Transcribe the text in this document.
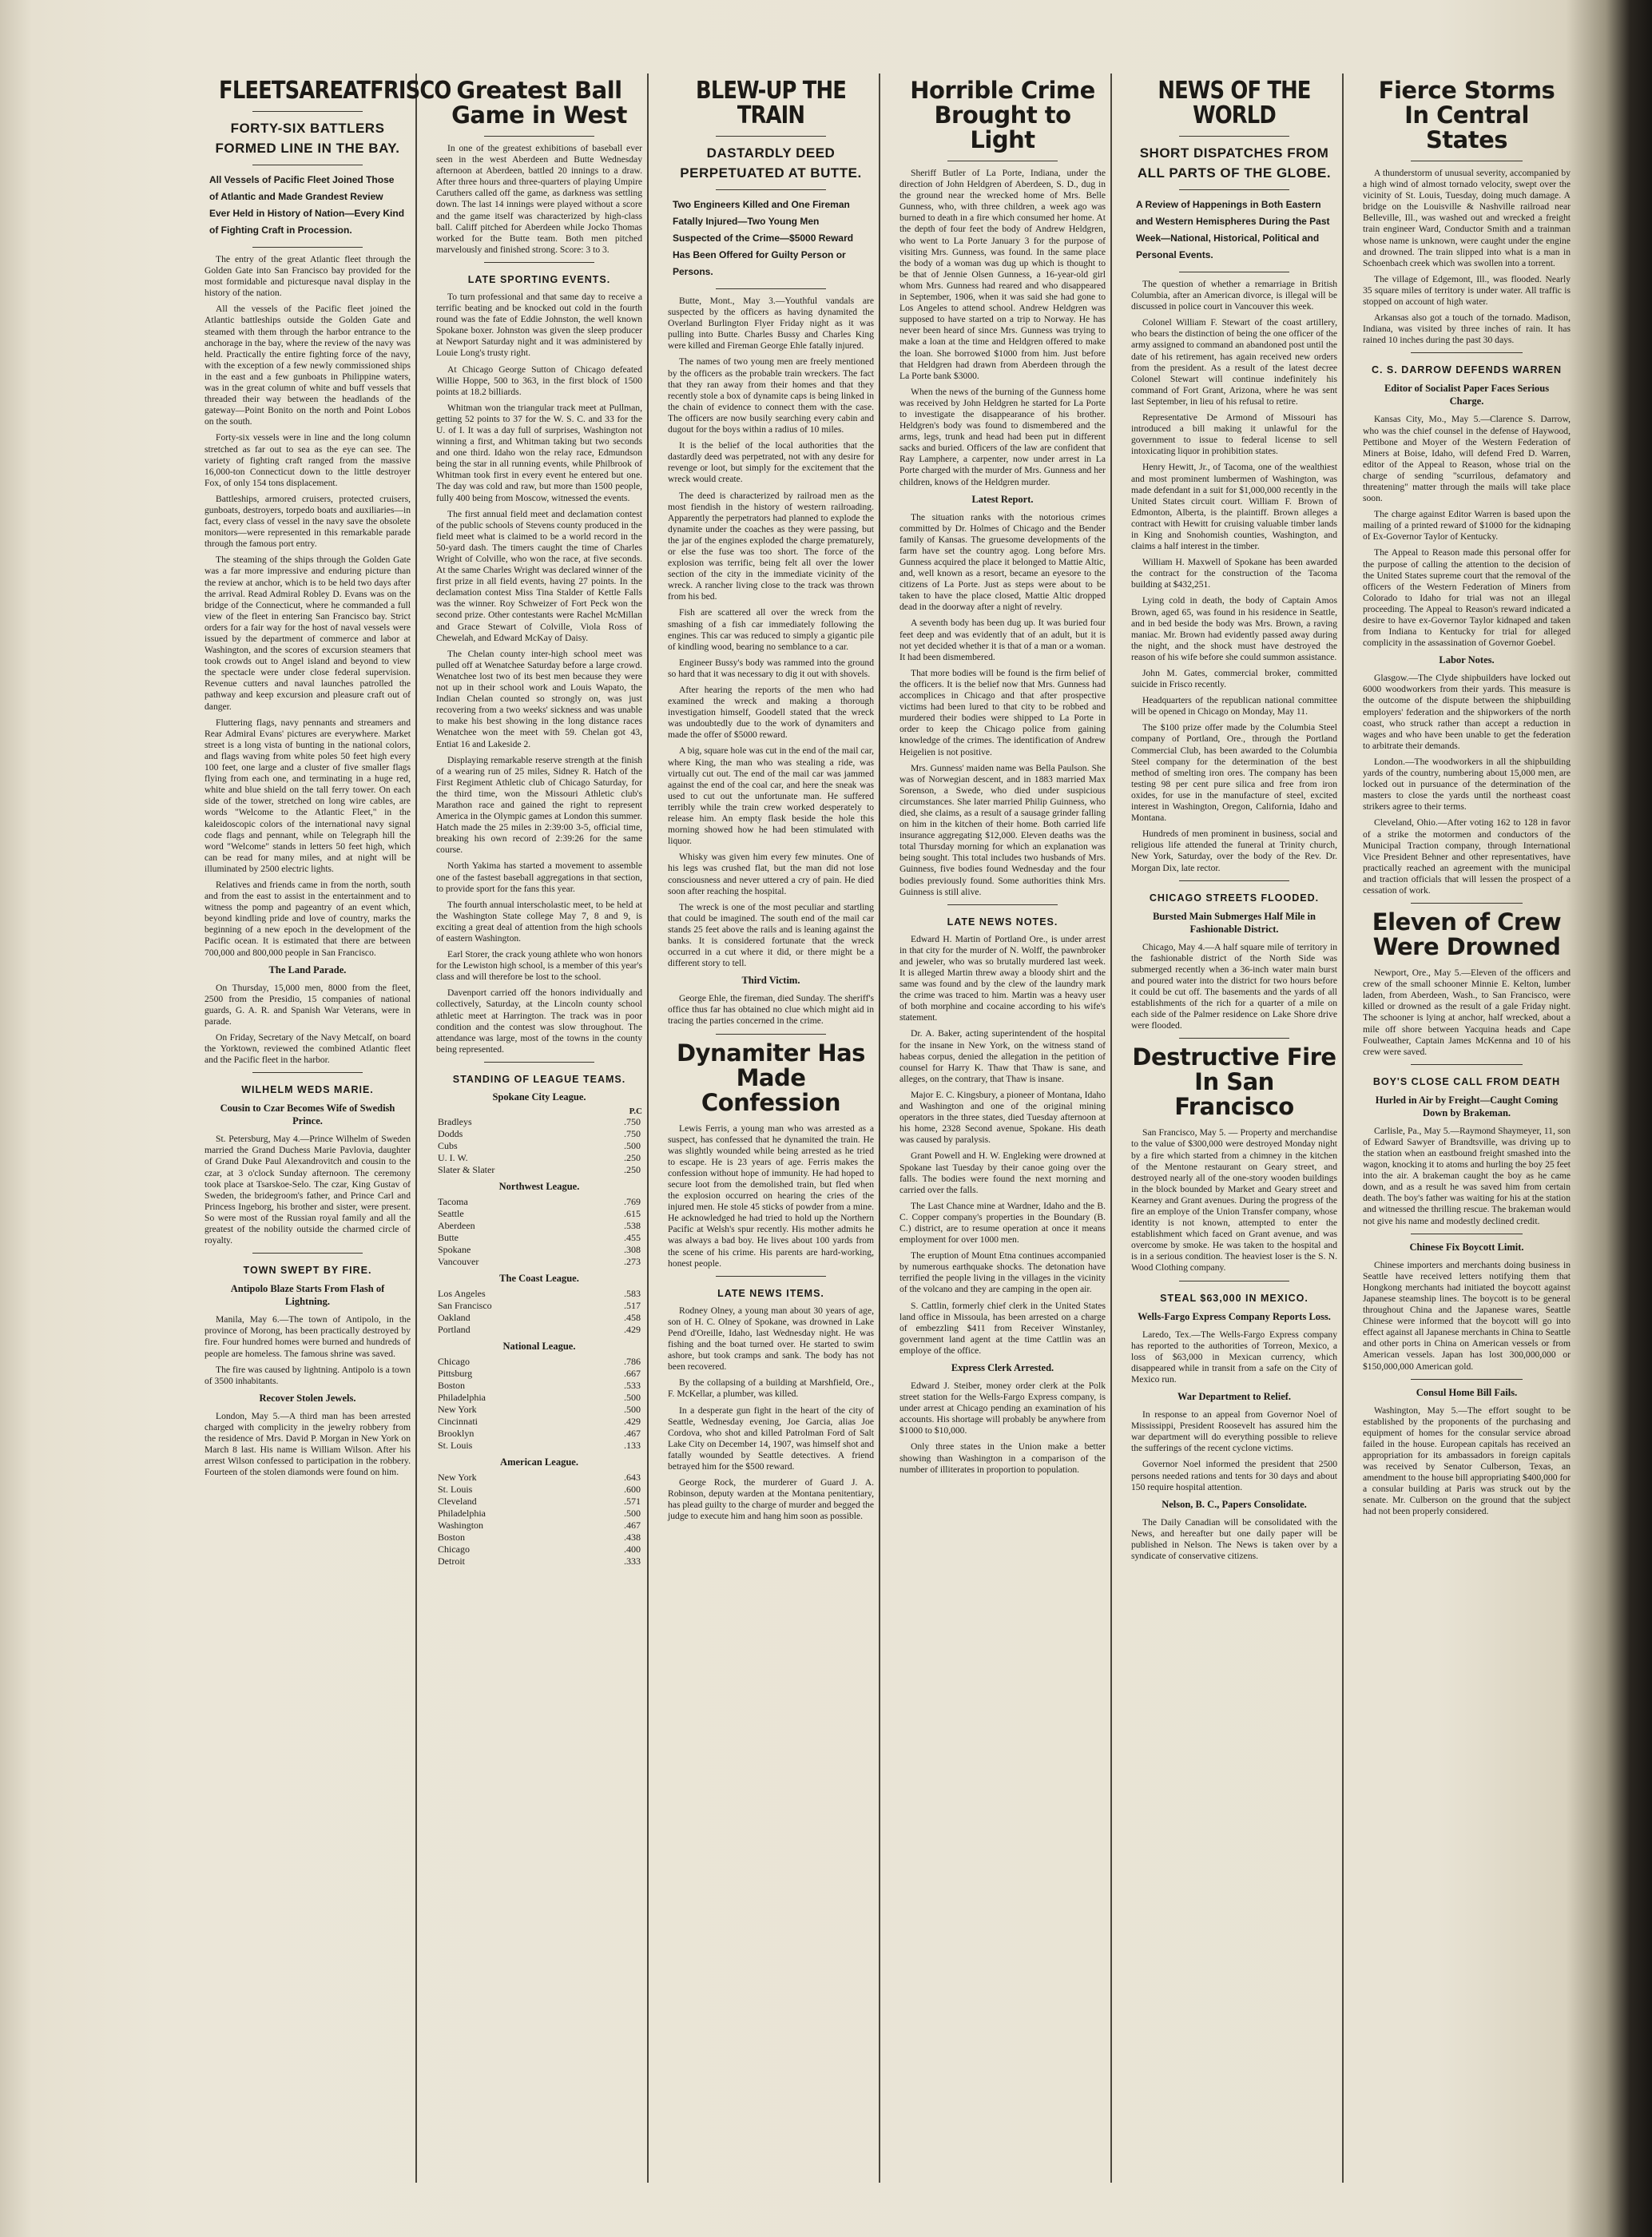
FLEETSAREATFRISCO
FORTY-SIX BATTLERS FORMED LINE IN THE BAY.
All Vessels of Pacific Fleet Joined Those of Atlantic and Made Grandest Review Ever Held in History of Nation—Every Kind of Fighting Craft in Procession.

The entry of the great Atlantic fleet through the Golden Gate into San Francisco bay provided for the most formidable and picturesque naval display in the history of the nation.

All the vessels of the Pacific fleet joined the Atlantic battleships outside the Golden Gate and steamed with them through the harbor entrance to the anchorage in the bay, where the review of the navy was held. Practically the entire fighting force of the navy, with the exception of a few newly commissioned ships in the east and a few gunboats in Philippine waters, was in the great column of white and buff vessels that threaded their way between the headlands of the gateway—Point Bonito on the north and Point Lobos on the south.

Forty-six vessels were in line and the long column stretched as far out to sea as the eye can see. The variety of fighting craft ranged from the massive 16,000-ton Connecticut down to the little destroyer Fox, of only 154 tons displacement.

Battleships, armored cruisers, protected cruisers, gunboats, destroyers, torpedo boats and auxiliaries—in fact, every class of vessel in the navy save the obsolete monitors—were represented in this remarkable parade through the famous port entry.

The steaming of the ships through the Golden Gate was a far more impressive and enduring picture than the review at anchor, which is to be held two days after the arrival. Read Admiral Robley D. Evans was on the bridge of the Connecticut, where he commanded a full view of the fleet in entering San Francisco bay. Strict orders for a fair way for the host of naval vessels were issued by the department of commerce and labor at Washington, and the scores of excursion steamers that took crowds out to Angel island and beyond to view the spectacle were under close federal supervision. Revenue cutters and naval launches patrolled the pathway and keep excursion and pleasure craft out of danger.

Fluttering flags, navy pennants and streamers and Rear Admiral Evans' pictures are everywhere. Market street is a long vista of bunting in the national colors, and flags waving from white poles 50 feet high every 100 feet, one large and a cluster of five smaller flags flying from each one, and terminating in a huge red, white and blue shield on the tall ferry tower. On each side of the tower, stretched on long wire cables, are words "Welcome to the Atlantic Fleet," in the kaleidoscopic colors of the international navy signal code flags and pennant, while on Telegraph hill the word "Welcome" stands in letters 50 feet high, which can be read for many miles, and at night will be illuminated by 2500 electric lights.

Relatives and friends came in from the north, south and from the east to assist in the entertainment and to witness the pomp and pageantry of an event which, beyond kindling pride and love of country, marks the beginning of a new epoch in the development of the Pacific ocean. It is estimated that there are between 700,000 and 800,000 people in San Francisco.

The Land Parade.

On Thursday, 15,000 men, 8000 from the fleet, 2500 from the Presidio, 15 companies of national guards, G. A. R. and Spanish War Veterans, were in parade.

On Friday, Secretary of the Navy Metcalf, on board the Yorktown, reviewed the combined Atlantic fleet and the Pacific fleet in the harbor.

WILHELM WEDS MARIE.
Cousin to Czar Becomes Wife of Swedish Prince.

St. Petersburg, May 4.—Prince Wilhelm of Sweden married the Grand Duchess Marie Pavlovia, daughter of Grand Duke Paul Alexandrovitch and cousin to the czar, at 3 o'clock Sunday afternoon. The ceremony took place at Tsarskoe-Selo. The czar, King Gustav of Sweden, the bridegroom's father, and Prince Carl and Princess Ingeborg, his brother and sister, were present. So were most of the Russian royal family and all the greatest of the nobility outside the charmed circle of royalty.

TOWN SWEPT BY FIRE.
Antipolo Blaze Starts From Flash of Lightning.

Manila, May 6.—The town of Antipolo, in the province of Morong, has been practically destroyed by fire. Four hundred homes were burned and hundreds of people are homeless. The famous shrine was saved.

The fire was caused by lightning. Antipolo is a town of 3500 inhabitants.

Recover Stolen Jewels.

London, May 5.—A third man has been arrested charged with complicity in the jewelry robbery from the residence of Mrs. David P. Morgan in New York on March 8 last. His name is William Wilson. After his arrest Wilson confessed to participation in the robbery. Fourteen of the stolen diamonds were found on him.

Greatest Ball Game in West

In one of the greatest exhibitions of baseball ever seen in the west Aberdeen and Butte Wednesday afternoon at Aberdeen, battled 20 innings to a draw. After three hours and three-quarters of playing Umpire Caruthers called off the game, as darkness was settling down. The last 14 innings were played without a score and the game itself was characterized by high-class ball. Califf pitched for Aberdeen while Jocko Thomas worked for the Butte team. Both men pitched marvelously and finished strong. Score: 3 to 3.

LATE SPORTING EVENTS.

To turn professional and that same day to receive a terrific beating and be knocked out cold in the fourth round was the fate of Eddie Johnston, the well known Spokane boxer. Johnston was given the sleep producer at Newport Saturday night and it was administered by Louie Long's trusty right.

At Chicago George Sutton of Chicago defeated Willie Hoppe, 500 to 363, in the first block of 1500 points at 18.2 billiards.

Whitman won the triangular track meet at Pullman, getting 52 points to 37 for the W. S. C. and 33 for the U. of I. It was a day full of surprises, Washington not winning a first, and Whitman taking but two seconds and one third. Idaho won the relay race, Edmundson being the star in all running events, while Philbrook of Whitman took first in every event he entered but one. The day was cold and raw, but more than 1500 people, fully 400 being from Moscow, witnessed the events.

The first annual field meet and declamation contest of the public schools of Stevens county produced in the field meet what is claimed to be a world record in the 50-yard dash. The timers caught the time of Charles Wright of Colville, who won the race, at five seconds. At the same Charles Wright was declared winner of the first prize in all field events, having 27 points. In the declamation contest Miss Tina Stalder of Kettle Falls was the winner. Roy Schweizer of Fort Peck won the second prize. Other contestants were Rachel McMillan and Grace Stewart of Colville, Viola Ross of Chewelah, and Edward McKay of Daisy.

The Chelan county inter-high school meet was pulled off at Wenatchee Saturday before a large crowd. Wenatchee lost two of its best men because they were not up in their school work and Louis Wapato, the Indian Chelan counted so strongly on, was just recovering from a two weeks' sickness and was unable to make his best showing in the long distance races Wenatchee won the meet with 59. Chelan got 43, Entiat 16 and Lakeside 2.

Displaying remarkable reserve strength at the finish of a wearing run of 25 miles, Sidney R. Hatch of the First Regiment Athletic club of Chicago Saturday, for the third time, won the Missouri Athletic club's Marathon race and gained the right to represent America in the Olympic games at London this summer. Hatch made the 25 miles in 2:39:00 3-5, official time, breaking his own record of 2:39:26 for the same course.

North Yakima has started a movement to assemble one of the fastest baseball aggregations in that section, to provide sport for the fans this year.

The fourth annual interscholastic meet, to be held at the Washington State college May 7, 8 and 9, is exciting a great deal of attention from the high schools of eastern Washington.

Earl Storer, the crack young athlete who won honors for the Lewiston high school, is a member of this year's class and will therefore be lost to the school.

Davenport carried off the honors individually and collectively, Saturday, at the Lincoln county school athletic meet at Harrington. The track was in poor condition and the contest was slow throughout. The attendance was large, most of the towns in the county being represented.

STANDING OF LEAGUE TEAMS.
Spokane City League.
P.C
Bradleys	.750
Dodds	.750
Cubs	.500
U. I. W.	.250
Slater & Slater	.250
Northwest League.
Tacoma	.769
Seattle	.615
Aberdeen	.538
Butte	.455
Spokane	.308
Vancouver	.273
The Coast League.
Los Angeles	.583
San Francisco	.517
Oakland	.458
Portland	.429
National League.
Chicago	.786
Pittsburg	.667
Boston	.533
Philadelphia	.500
New York	.500
Cincinnati	.429
Brooklyn	.467
St. Louis	.133
American League.
New York	.643
St. Louis	.600
Cleveland	.571
Philadelphia	.500
Washington	.467
Boston	.438
Chicago	.400
Detroit	.333
BLEW-UP THE TRAIN
DASTARDLY DEED PERPETUATED AT BUTTE.
Two Engineers Killed and One Fireman Fatally Injured—Two Young Men Suspected of the Crime—$5000 Reward Has Been Offered for Guilty Person or Persons.

Butte, Mont., May 3.—Youthful vandals are suspected by the officers as having dynamited the Overland Burlington Flyer Friday night as it was pulling into Butte. Charles Bussy and Charles King were killed and Fireman George Ehle fatally injured.

The names of two young men are freely mentioned by the officers as the probable train wreckers. The fact that they ran away from their homes and that they recently stole a box of dynamite caps is being linked in the chain of evidence to connect them with the case. The officers are now busily searching every cabin and dugout for the boys within a radius of 10 miles.

It is the belief of the local authorities that the dastardly deed was perpetrated, not with any desire for revenge or loot, but simply for the excitement that the wreck would create.

The deed is characterized by railroad men as the most fiendish in the history of western railroading. Apparently the perpetrators had planned to explode the dynamite under the coaches as they were passing, but the jar of the engines exploded the charge prematurely, or else the fuse was too short. The force of the explosion was terrific, being felt all over the lower section of the city in the immediate vicinity of the wreck. A rancher living close to the track was thrown from his bed.

Fish are scattered all over the wreck from the smashing of a fish car immediately following the engines. This car was reduced to simply a gigantic pile of kindling wood, bearing no semblance to a car.

Engineer Bussy's body was rammed into the ground so hard that it was necessary to dig it out with shovels.

After hearing the reports of the men who had examined the wreck and making a thorough investigation himself, Goodell stated that the wreck was undoubtedly due to the work of dynamiters and made the offer of $5000 reward.

A big, square hole was cut in the end of the mail car, where King, the man who was stealing a ride, was virtually cut out. The end of the mail car was jammed against the end of the coal car, and here the sneak was used to cut out the unfortunate man. He suffered terribly while the train crew worked desperately to release him. An empty flask beside the hole this morning showed how he had been stimulated with liquor.

Whisky was given him every few minutes. One of his legs was crushed flat, but the man did not lose consciousness and never uttered a cry of pain. He died soon after reaching the hospital.

The wreck is one of the most peculiar and startling that could be imagined. The south end of the mail car stands 25 feet above the rails and is leaning against the banks. It is considered fortunate that the wreck occurred in a cut where it did, or there might be a different story to tell.

Third Victim.

George Ehle, the fireman, died Sunday. The sheriff's office thus far has obtained no clue which might aid in tracing the parties concerned in the crime.

Dynamiter Has Made Confession

Lewis Ferris, a young man who was arrested as a suspect, has confessed that he dynamited the train. He was slightly wounded while being arrested as he tried to escape. He is 23 years of age. Ferris makes the confession without hope of immunity. He had hoped to secure loot from the demolished train, but fled when the explosion occurred on hearing the cries of the injured men. He stole 45 sticks of powder from a mine. He acknowledged he had tried to hold up the Northern Pacific at Welsh's spur recently. His mother admits he was always a bad boy. He lives about 100 yards from the scene of his crime. His parents are hard-working, honest people.

LATE NEWS ITEMS.

Rodney Olney, a young man about 30 years of age, son of H. C. Olney of Spokane, was drowned in Lake Pend d'Oreille, Idaho, last Wednesday night. He was fishing and the boat turned over. He started to swim ashore, but took cramps and sank. The body has not been recovered.

By the collapsing of a building at Marshfield, Ore., F. McKellar, a plumber, was killed.

In a desperate gun fight in the heart of the city of Seattle, Wednesday evening, Joe Garcia, alias Joe Cordova, who shot and killed Patrolman Ford of Salt Lake City on December 14, 1907, was himself shot and fatally wounded by Seattle detectives. A friend betrayed him for the $500 reward.

George Rock, the murderer of Guard J. A. Robinson, deputy warden at the Montana penitentiary, has plead guilty to the charge of murder and begged the judge to execute him and hang him soon as possible.

Horrible Crime Brought to Light

Sheriff Butler of La Porte, Indiana, under the direction of John Heldgren of Aberdeen, S. D., dug in the ground near the wrecked home of Mrs. Belle Gunness, who, with three children, a week ago was burned to death in a fire which consumed her home. At the depth of four feet the body of Andrew Heldgren, who went to La Porte January 3 for the purpose of visiting Mrs. Gunness, was found. In the same place the body of a woman was dug up which is thought to be that of Jennie Olsen Gunness, a 16-year-old girl whom Mrs. Gunness had reared and who disappeared in September, 1906, when it was said she had gone to Los Angeles to attend school. Andrew Heldgren was supposed to have started on a trip to Norway. He has never been heard of since Mrs. Gunness was trying to make a loan at the time and Heldgren offered to make the loan. She borrowed $1000 from him. Just before that Heldgren had drawn from Aberdeen through the La Porte bank $3000.

When the news of the burning of the Gunness home was received by John Heldgren he started for La Porte to investigate the disappearance of his brother. Heldgren's body was found to dismembered and the arms, legs, trunk and head had been put in different sacks and buried. Officers of the law are confident that Ray Lamphere, a carpenter, now under arrest in La Porte charged with the murder of Mrs. Gunness and her children, knows of the Heldgren murder.

Latest Report.

The situation ranks with the notorious crimes committed by Dr. Holmes of Chicago and the Bender family of Kansas. The gruesome developments of the farm have set the country agog. Long before Mrs. Gunness acquired the place it belonged to Mattie Altic, and, well known as a resort, became an eyesore to the citizens of La Porte. Just as steps were about to be taken to have the place closed, Mattie Altic dropped dead in the doorway after a night of revelry.

A seventh body has been dug up. It was buried four feet deep and was evidently that of an adult, but it is not yet decided whether it is that of a man or a woman. It had been dismembered.

That more bodies will be found is the firm belief of the officers. It is the belief now that Mrs. Gunness had accomplices in Chicago and that after prospective victims had been lured to that city to be robbed and murdered their bodies were shipped to La Porte in order to keep the Chicago police from gaining knowledge of the crimes. The identification of Andrew Heigelien is not positive.

Mrs. Gunness' maiden name was Bella Paulson. She was of Norwegian descent, and in 1883 married Max Sorenson, a Swede, who died under suspicious circumstances. She later married Philip Guinness, who died, she claims, as a result of a sausage grinder falling on him in the kitchen of their home. Both carried life insurance aggregating $12,000. Eleven deaths was the total Thursday morning for which an explanation was being sought. This total includes two husbands of Mrs. Guinness, five bodies found Wednesday and the four bodies previously found. Some authorities think Mrs. Guinness is still alive.

LATE NEWS NOTES.

Edward H. Martin of Portland Ore., is under arrest in that city for the murder of N. Wolff, the pawnbroker and jeweler, who was so brutally murdered last week. It is alleged Martin threw away a bloody shirt and the same was found and by the clew of the laundry mark the crime was traced to him. Martin was a heavy user of both morphine and cocaine according to his wife's statement.

Dr. A. Baker, acting superintendent of the hospital for the insane in New York, on the witness stand of habeas corpus, denied the allegation in the petition of counsel for Harry K. Thaw that Thaw is sane, and alleges, on the contrary, that Thaw is insane.

Major E. C. Kingsbury, a pioneer of Montana, Idaho and Washington and one of the original mining operators in the three states, died Tuesday afternoon at his home, 2328 Second avenue, Spokane. His death was caused by paralysis.

Grant Powell and H. W. Engleking were drowned at Spokane last Tuesday by their canoe going over the falls. The bodies were found the next morning and carried over the falls.

The Last Chance mine at Wardner, Idaho and the B. C. Copper company's properties in the Boundary (B. C.) district, are to resume operation at once it means employment for over 1000 men.

The eruption of Mount Etna continues accompanied by numerous earthquake shocks. The detonation have terrified the people living in the villages in the vicinity of the volcano and they are camping in the open air.

S. Cattlin, formerly chief clerk in the United States land office in Missoula, has been arrested on a charge of embezzling $411 from Receiver Winstanley, government land agent at the time Cattlin was an employe of the office.

Express Clerk Arrested.

Edward J. Steiber, money order clerk at the Polk street station for the Wells-Fargo Express company, is under arrest at Chicago pending an examination of his accounts. His shortage will probably be anywhere from $1000 to $10,000.

Only three states in the Union make a better showing than Washington in a comparison of the number of illiterates in proportion to population.

NEWS OF THE WORLD
SHORT DISPATCHES FROM ALL PARTS OF THE GLOBE.
A Review of Happenings in Both Eastern and Western Hemispheres During the Past Week—National, Historical, Political and Personal Events.

The question of whether a remarriage in British Columbia, after an American divorce, is illegal will be discussed in police court in Vancouver this week.

Colonel William F. Stewart of the coast artillery, who bears the distinction of being the one officer of the army assigned to command an abandoned post until the date of his retirement, has again received new orders from the president. As a result of the latest decree Colonel Stewart will continue indefinitely his command of Fort Grant, Arizona, where he was sent last September, in lieu of his refusal to retire.

Representative De Armond of Missouri has introduced a bill making it unlawful for the government to issue to federal license to sell intoxicating liquor in prohibition states.

Henry Hewitt, Jr., of Tacoma, one of the wealthiest and most prominent lumbermen of Washington, was made defendant in a suit for $1,000,000 recently in the United States circuit court. William F. Brown of Edmonton, Alberta, is the plaintiff. Brown alleges a contract with Hewitt for cruising valuable timber lands in King and Snohomish counties, Washington, and claims a half interest in the timber.

William H. Maxwell of Spokane has been awarded the contract for the construction of the Tacoma building at $432,251.

Lying cold in death, the body of Captain Amos Brown, aged 65, was found in his residence in Seattle, and in bed beside the body was Mrs. Brown, a raving maniac. Mr. Brown had evidently passed away during the night, and the shock must have destroyed the reason of his wife before she could summon assistance.

John M. Gates, commercial broker, committed suicide in Frisco recently.

Headquarters of the republican national committee will be opened in Chicago on Monday, May 11.

The $100 prize offer made by the Columbia Steel company of Portland, Ore., through the Portland Commercial Club, has been awarded to the Columbia Steel company for the determination of the best method of smelting iron ores. The company has been testing 98 per cent pure silica and free from iron oxides, for use in the manufacture of steel, excited interest in Washington, Oregon, California, Idaho and Montana.

Hundreds of men prominent in business, social and religious life attended the funeral at Trinity church, New York, Saturday, over the body of the Rev. Dr. Morgan Dix, late rector.

CHICAGO STREETS FLOODED.
Bursted Main Submerges Half Mile in Fashionable District.

Chicago, May 4.—A half square mile of territory in the fashionable district of the North Side was submerged recently when a 36-inch water main burst and poured water into the district for two hours before it could be cut off. The basements and the yards of all establishments of the rich for a quarter of a mile on each side of the Palmer residence on Lake Shore drive were flooded.

Destructive Fire In San Francisco

San Francisco, May 5. — Property and merchandise to the value of $300,000 were destroyed Monday night by a fire which started from a chimney in the kitchen of the Mentone restaurant on Geary street, and destroyed nearly all of the one-story wooden buildings in the block bounded by Market and Geary street and Kearney and Grant avenues. During the progress of the fire an employe of the Union Transfer company, whose identity is not known, attempted to enter the establishment which faced on Grant avenue, and was overcome by smoke. He was taken to the hospital and is in a serious condition. The heaviest loser is the S. N. Wood Clothing company.

STEAL $63,000 IN MEXICO.
Wells-Fargo Express Company Reports Loss.

Laredo, Tex.—The Wells-Fargo Express company has reported to the authorities of Torreon, Mexico, a loss of $63,000 in Mexican currency, which disappeared while in transit from a safe on the City of Mexico run.

War Department to Relief.

In response to an appeal from Governor Noel of Mississippi, President Roosevelt has assured him the war department will do everything possible to relieve the sufferings of the recent cyclone victims.

Governor Noel informed the president that 2500 persons needed rations and tents for 30 days and about 150 require hospital attention.

Nelson, B. C., Papers Consolidate.

The Daily Canadian will be consolidated with the News, and hereafter but one daily paper will be published in Nelson. The News is taken over by a syndicate of conservative citizens.

Fierce Storms In Central States

A thunderstorm of unusual severity, accompanied by a high wind of almost tornado velocity, swept over the vicinity of St. Louis, Tuesday, doing much damage. A bridge on the Louisville & Nashville railroad near Belleville, Ill., was washed out and wrecked a freight train engineer Ward, Conductor Smith and a trainman whose name is unknown, were caught under the engine and drowned. The train slipped into what is a man in Schoenbach creek which was swollen into a torrent.

The village of Edgemont, Ill., was flooded. Nearly 35 square miles of territory is under water. All traffic is stopped on account of high water.

Arkansas also got a touch of the tornado. Madison, Indiana, was visited by three inches of rain. It has rained 10 inches during the past 30 days.

C. S. DARROW DEFENDS WARREN
Editor of Socialist Paper Faces Serious Charge.

Kansas City, Mo., May 5.—Clarence S. Darrow, who was the chief counsel in the defense of Haywood, Pettibone and Moyer of the Western Federation of Miners at Boise, Idaho, will defend Fred D. Warren, editor of the Appeal to Reason, whose trial on the charge of sending "scurrilous, defamatory and threatening" matter through the mails will take place soon.

The charge against Editor Warren is based upon the mailing of a printed reward of $1000 for the kidnaping of Ex-Governor Taylor of Kentucky.

The Appeal to Reason made this personal offer for the purpose of calling the attention to the decision of the United States supreme court that the removal of the officers of the Western Federation of Miners from Colorado to Idaho for trial was not an illegal proceeding. The Appeal to Reason's reward indicated a desire to have ex-Governor Taylor kidnaped and taken from Indiana to Kentucky for trial for alleged complicity in the assassination of Governor Goebel.

Labor Notes.

Glasgow.—The Clyde shipbuilders have locked out 6000 woodworkers from their yards. This measure is the outcome of the dispute between the shipbuilding employers' federation and the shipworkers of the north coast, who struck rather than accept a reduction in wages and who have been unable to get the federation to arbitrate their demands.

London.—The woodworkers in all the shipbuilding yards of the country, numbering about 15,000 men, are locked out in pursuance of the determination of the masters to close the yards until the northeast coast strikers agree to their terms.

Cleveland, Ohio.—After voting 162 to 128 in favor of a strike the motormen and conductors of the Municipal Traction company, through International Vice President Behner and other representatives, have practically reached an agreement with the municipal and traction officials that will lessen the prospect of a cessation of work.

Eleven of Crew Were Drowned

Newport, Ore., May 5.—Eleven of the officers and crew of the small schooner Minnie E. Kelton, lumber laden, from Aberdeen, Wash., to San Francisco, were killed or drowned as the result of a gale Friday night. The schooner is lying at anchor, half wrecked, about a mile off shore between Yacquina heads and Cape Foulweather, Captain James McKenna and 10 of his crew were saved.

BOY'S CLOSE CALL FROM DEATH
Hurled in Air by Freight—Caught Coming Down by Brakeman.

Carlisle, Pa., May 5.—Raymond Shaymeyer, 11, son of Edward Sawyer of Brandtsville, was driving up to the station when an eastbound freight smashed into the wagon, knocking it to atoms and hurling the boy 25 feet into the air. A brakeman caught the boy as he came down, and as a result he was saved him from certain death. The boy's father was waiting for his at the station and witnessed the thrilling rescue. The brakeman would not give his name and modestly declined credit.

Chinese Fix Boycott Limit.

Chinese importers and merchants doing business in Seattle have received letters notifying them that Hongkong merchants had initiated the boycott against Japanese steamship lines. The boycott is to be general throughout China and the Japanese wares, Seattle Chinese were informed that the boycott will go into effect against all Japanese merchants in China to Seattle and other ports in China on American vessels or from American vessels. Japan has lost 300,000,000 or $150,000,000 American gold.

Consul Home Bill Fails.

Washington, May 5.—The effort sought to be established by the proponents of the purchasing and equipment of homes for the consular service abroad failed in the house. European capitals has received an appropriation for its ambassadors in foreign capitals was received by Senator Culberson, Texas, an amendment to the house bill appropriating $400,000 for a consular building at Paris was struck out by the senate. Mr. Culberson on the ground that the subject had not been properly considered.
